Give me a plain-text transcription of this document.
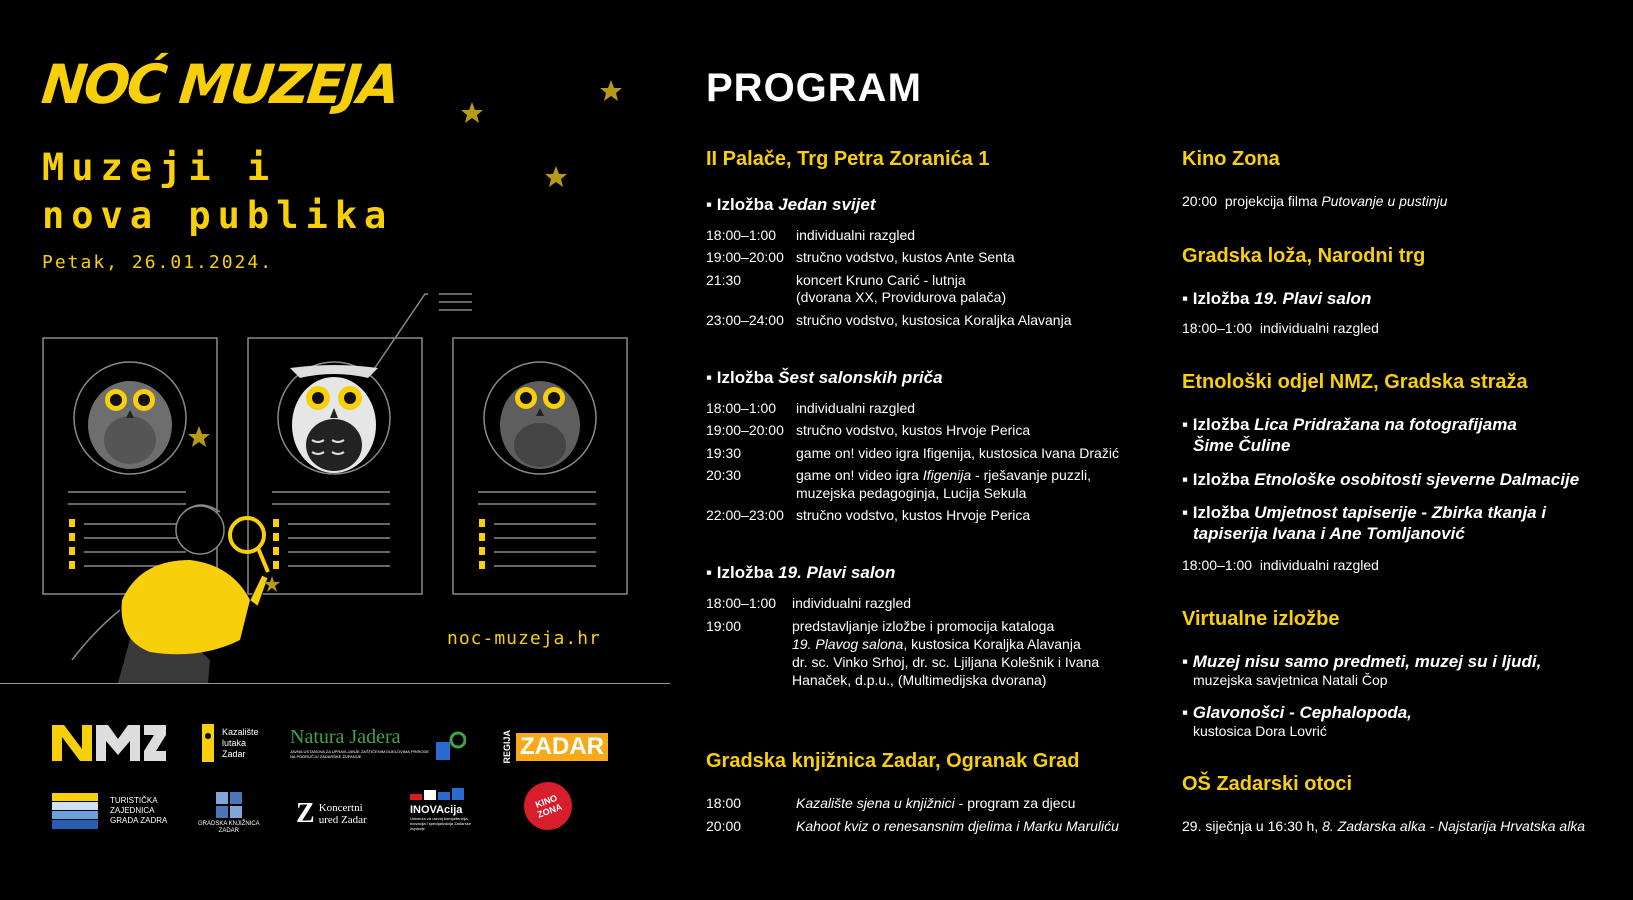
NOĆ MUZEJA
Muzeji i
nova publika
Petak, 26.01.2024.
noc-muzeja.hr
Kazalište
lutaka
Zadar
Natura Jadera
JAVNA USTANOVA ZA UPRAVLJANJE ZAŠTIĆENIM DIJELOVIMA PRIRODE NA PODRUČJU ZADARSKE ŽUPANIJE	REGIJA ZADAR
TURISTIČKA
ZAJEDNICA
GRADA ZADRA	GRADSKA KNJIŽNICA
ZADAR
Z Koncertni
ured Zadar
INOVAcija
Univerza za razvoj kompetencija, inovacija i specijalizacija Zadarske županije
KINO ZONA
PROGRAM
II Palače, Trg Petra Zoranića 1
▪ Izložba Jedan svijet
18:00–1:00 individualni razgled
19:00–20:00 stručno vodstvo, kustos Ante Senta
21:30	koncert Kruno Carić - lutnja
(dvorana XX, Providurova palača)
23:00–24:00 stručno vodstvo, kustosica Koraljka Alavanja
▪ Izložba Šest salonskih priča
18:00–1:00 individualni razgled
19:00–20:00 stručno vodstvo, kustos Hrvoje Perica
19:30	game on! video igra Ifigenija, kustosica Ivana Dražić
20:30	game on! video igra Ifigenija - rješavanje puzzli,
muzejska pedagoginja, Lucija Sekula
22:00–23:00 stručno vodstvo, kustos Hrvoje Perica
▪ Izložba 19. Plavi salon
18:00–1:00 individualni razgled
19:00	predstavljanje izložbe i promocija kataloga
19. Plavog salona, kustosica Koraljka Alavanja
dr. sc. Vinko Srhoj, dr. sc. Ljiljana Kolešnik i Ivana
Hanaček, d.p.u., (Multimedijska dvorana)
Gradska knjižnica Zadar, Ogranak Grad
18:00	Kazalište sjena u knjižnici - program za djecu
20:00	Kahoot kviz o renesansnim djelima i Marku Maruliću
Kino Zona
20:00 projekcija filma Putovanje u pustinju
Gradska loža, Narodni trg
▪ Izložba 19. Plavi salon
18:00–1:00 individualni razgled
Etnološki odjel NMZ, Gradska straža
▪ Izložba Lica Pridražana na fotografijama
Šime Čuline
▪ Izložba Etnološke osobitosti sjeverne Dalmacije
▪ Izložba Umjetnost tapiserije - Zbirka tkanja i
tapiserija Ivana i Ane Tomljanović
18:00–1:00 individualni razgled
Virtualne izložbe
▪ Muzej nisu samo predmeti, muzej su i ljudi,
muzejska savjetnica Natali Čop
▪ Glavonošci - Cephalopoda,
kustosica Dora Lovrić
OŠ Zadarski otoci
29. siječnja u 16:30 h, 8. Zadarska alka - Najstarija Hrvatska alka
